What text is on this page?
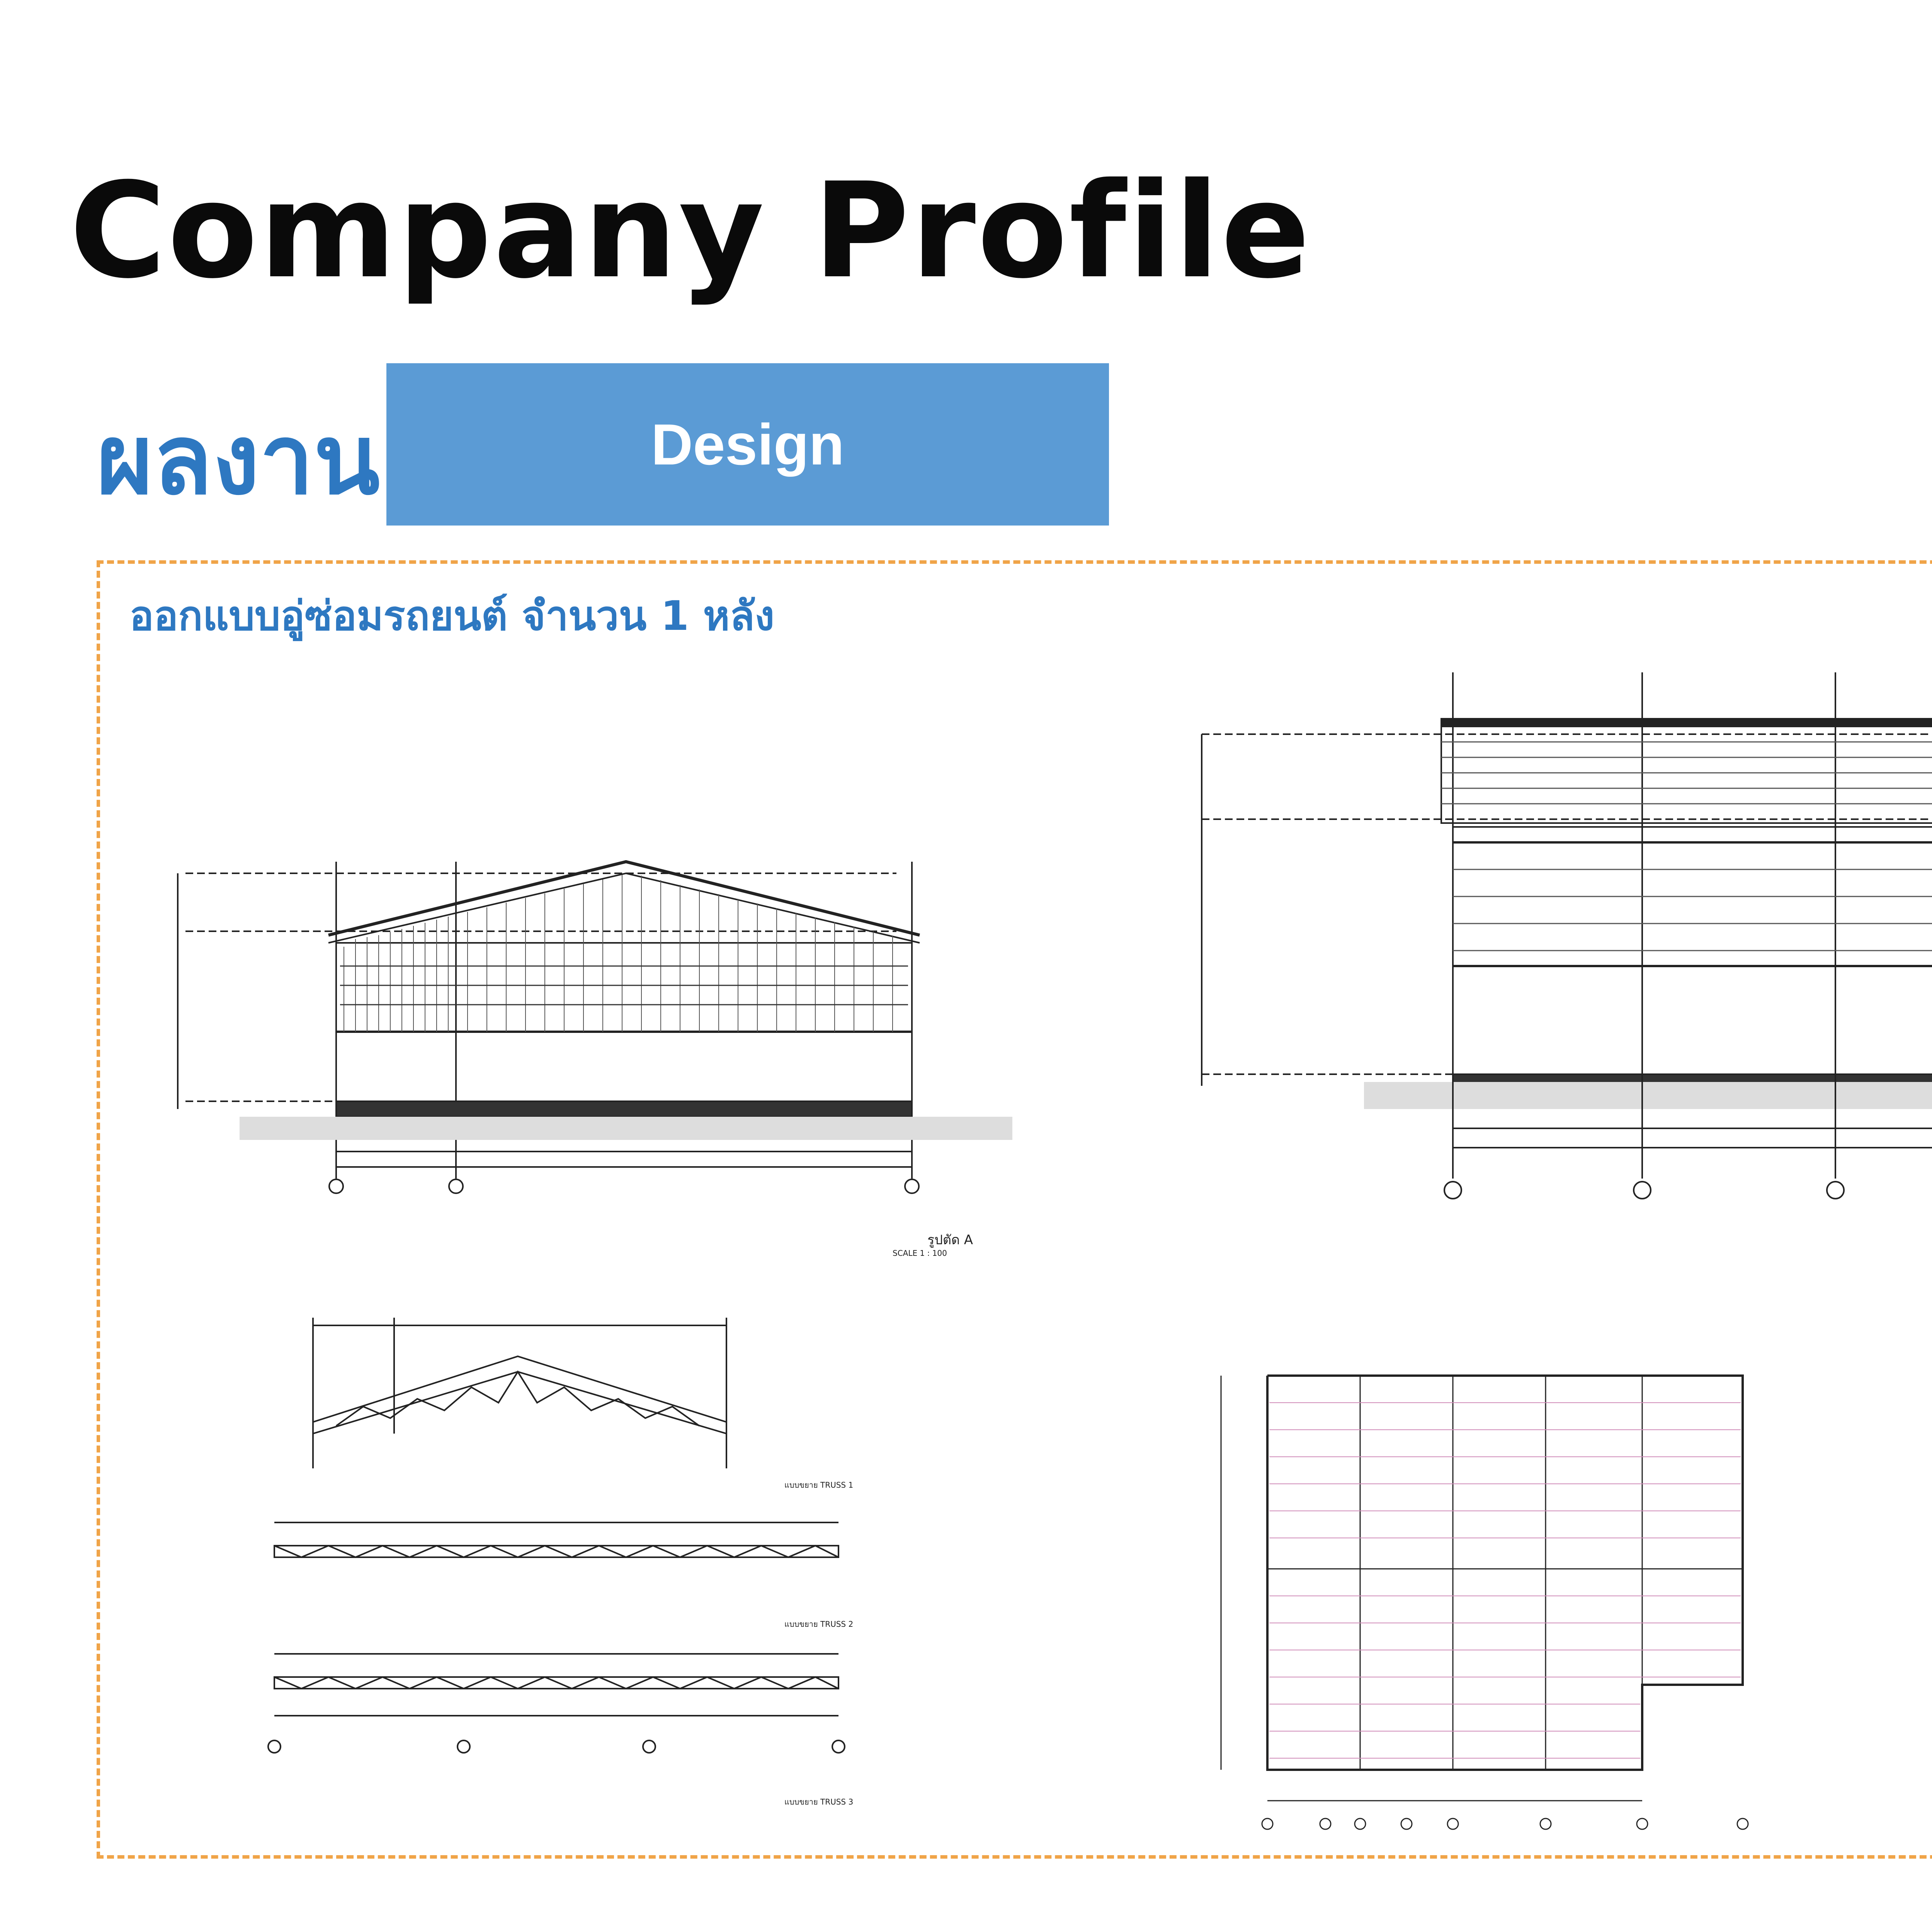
Company Profile
ผลงาน	Design
ออกแบบอู่ซ่อมรถยนต์ จำนวน 1 หลัง
รูปตัด A
SCALE 1 : 100
แบบขยาย TRUSS 1
แบบขยาย TRUSS 2
แบบขยาย TRUSS 3
